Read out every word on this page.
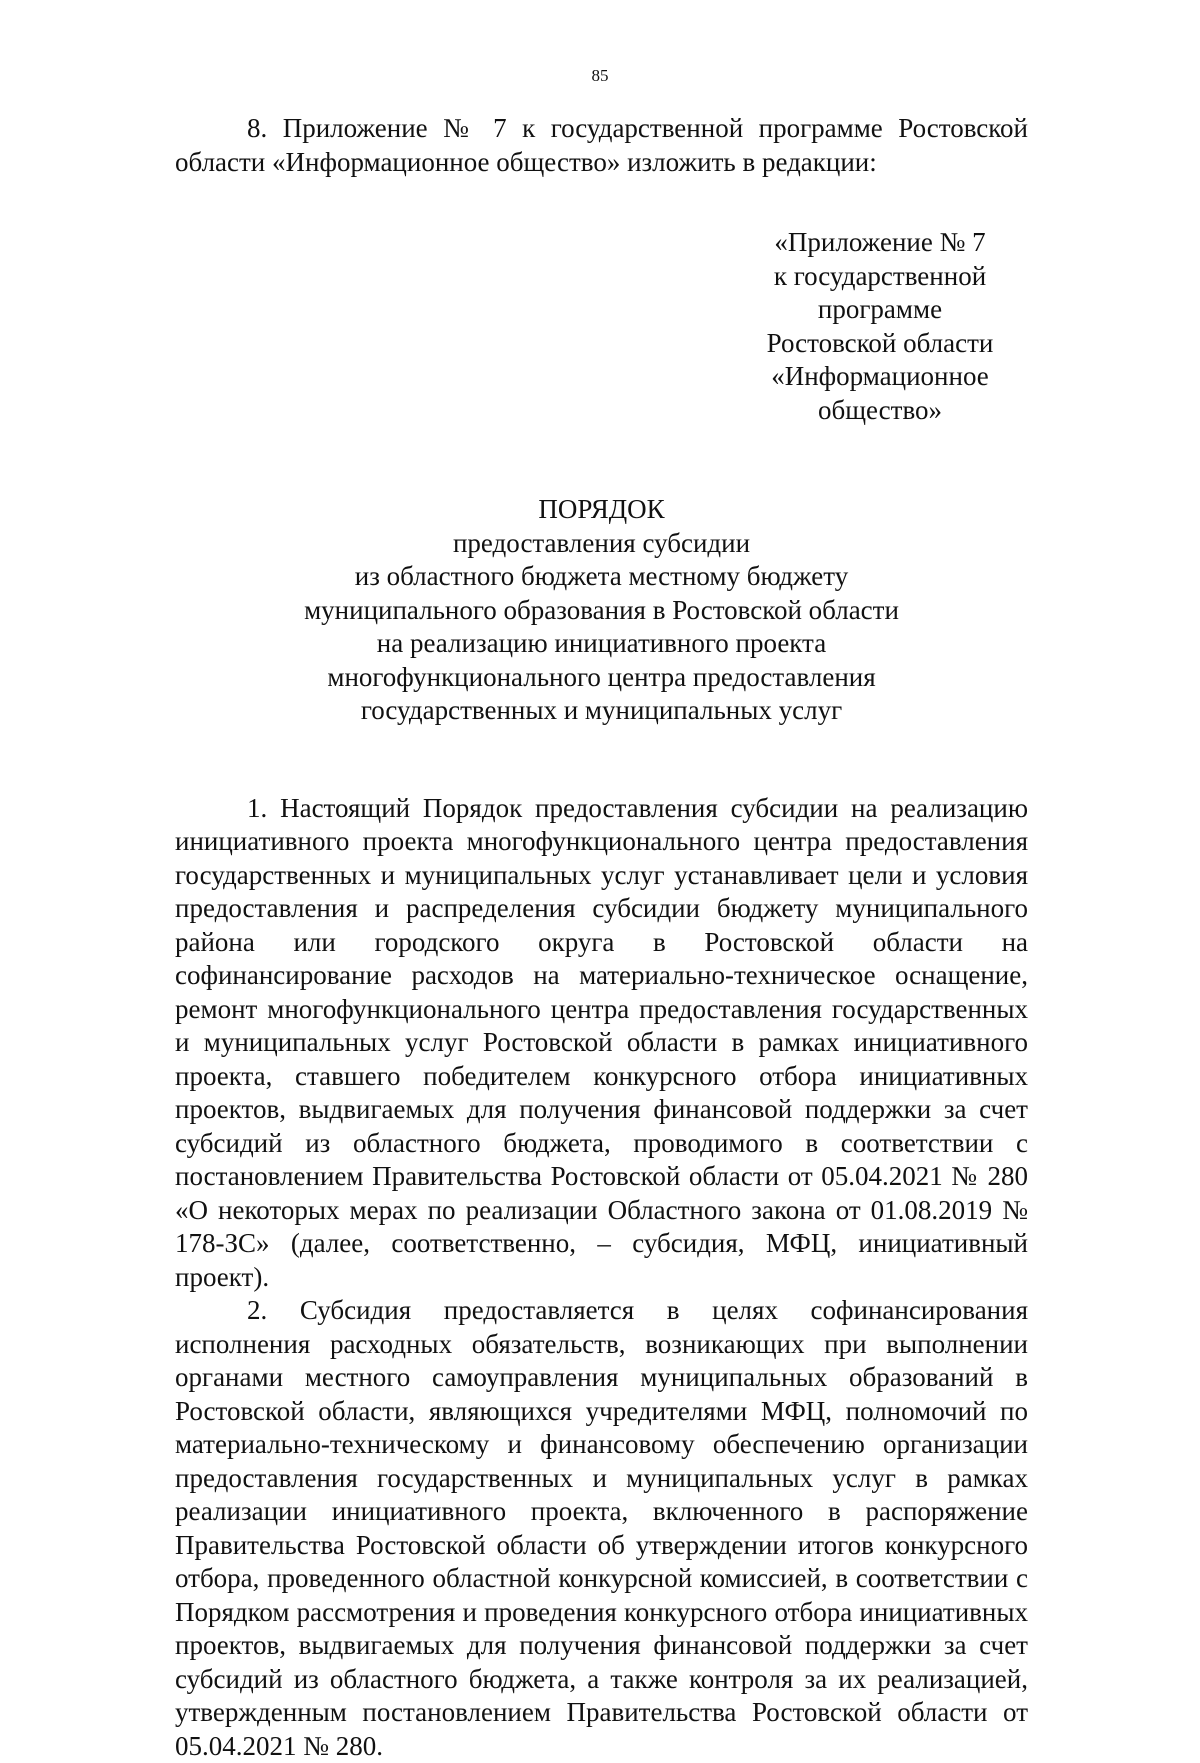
85

8. Приложение № 7 к государственной программе Ростовской области «Информационное общество» изложить в редакции:

«Приложение № 7
к государственной программе
Ростовской области
«Информационное общество»
ПОРЯДОК
предоставления субсидии
из областного бюджета местному бюджету
муниципального образования в Ростовской области
на реализацию инициативного проекта
многофункционального центра предоставления
государственных и муниципальных услуг

1. Настоящий Порядок предоставления субсидии на реализацию инициативного проекта многофункционального центра предоставления государственных и муниципальных услуг устанавливает цели и условия предоставления и распределения субсидии бюджету муниципального района или городского округа в Ростовской области на софинансирование расходов на материально-техническое оснащение, ремонт многофункционального центра предоставления государственных и муниципальных услуг Ростовской области в рамках инициативного проекта, ставшего победителем конкурсного отбора инициативных проектов, выдвигаемых для получения финансовой поддержки за счет субсидий из областного бюджета, проводимого в соответствии с постановлением Правительства Ростовской области от 05.04.2021 № 280 «О некоторых мерах по реализации Областного закона от 01.08.2019 № 178-ЗС» (далее, соответственно, – субсидия, МФЦ, инициативный проект).

2. Субсидия предоставляется в целях софинансирования исполнения расходных обязательств, возникающих при выполнении органами местного самоуправления муниципальных образований в Ростовской области, являющихся учредителями МФЦ, полномочий по материально-техническому и финансовому обеспечению организации предоставления государственных и муниципальных услуг в рамках реализации инициативного проекта, включенного в распоряжение Правительства Ростовской области об утверждении итогов конкурсного отбора, проведенного областной конкурсной комиссией, в соответствии с Порядком рассмотрения и проведения конкурсного отбора инициативных проектов, выдвигаемых для получения финансовой поддержки за счет субсидий из областного бюджета, а также контроля за их реализацией, утвержденным постановлением Правительства Ростовской области от 05.04.2021 № 280.
